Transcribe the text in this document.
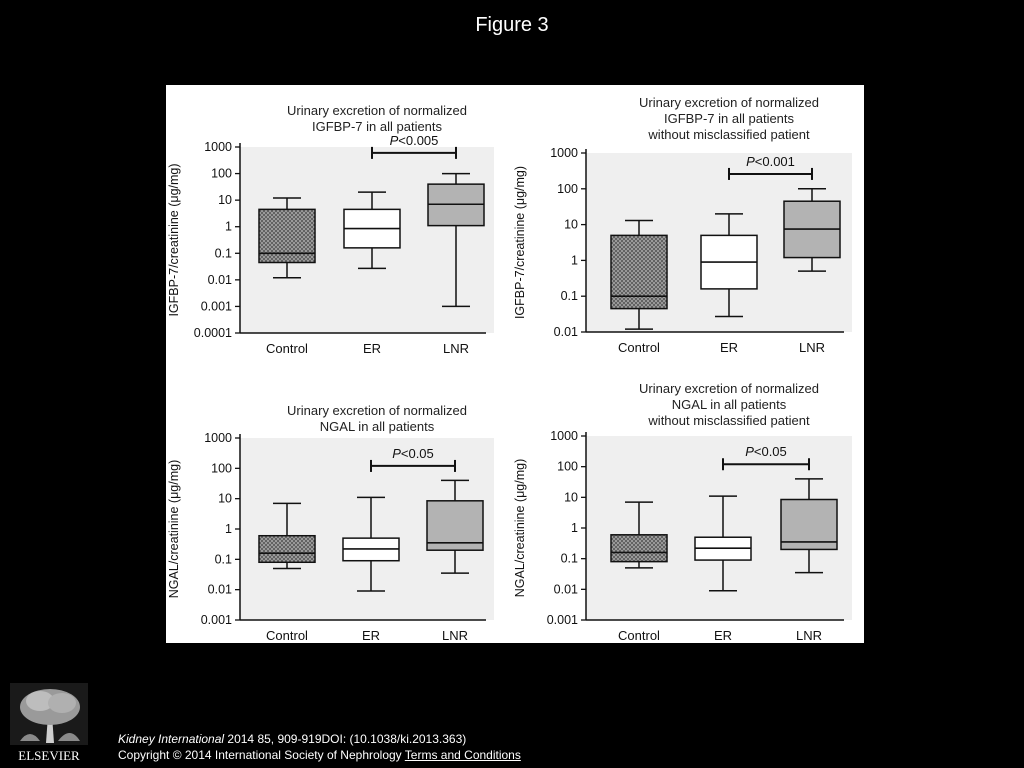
Figure 3
Urinary excretion of normalized
IGFBP-7 in all patients
0.0001
0.001
0.01
0.1
1
10
100
1000
IGFBP-7/creatinine (μg/mg)
Control	ER	LNR
P<0.005
Urinary excretion of normalized
IGFBP-7 in all patients
without misclassified patient
0.01
0.1
1
10
100
1000
IGFBP-7/creatinine (μg/mg)
Control	ER	LNR
P<0.001
Urinary excretion of normalized
NGAL in all patients
0.001
0.01
0.1
1
10
100
1000
NGAL/creatinine (μg/mg)
Control	ER	LNR
P<0.05
Urinary excretion of normalized
NGAL in all patients
without misclassified patient
0.001
0.01
0.1
1
10
100
1000
NGAL/creatinine (μg/mg)
Control	ER	LNR
P<0.05
ELSEVIER
Kidney International 2014 85, 909-919DOI: (10.1038/ki.2013.363)
Copyright © 2014 International Society of Nephrology Terms and Conditions
